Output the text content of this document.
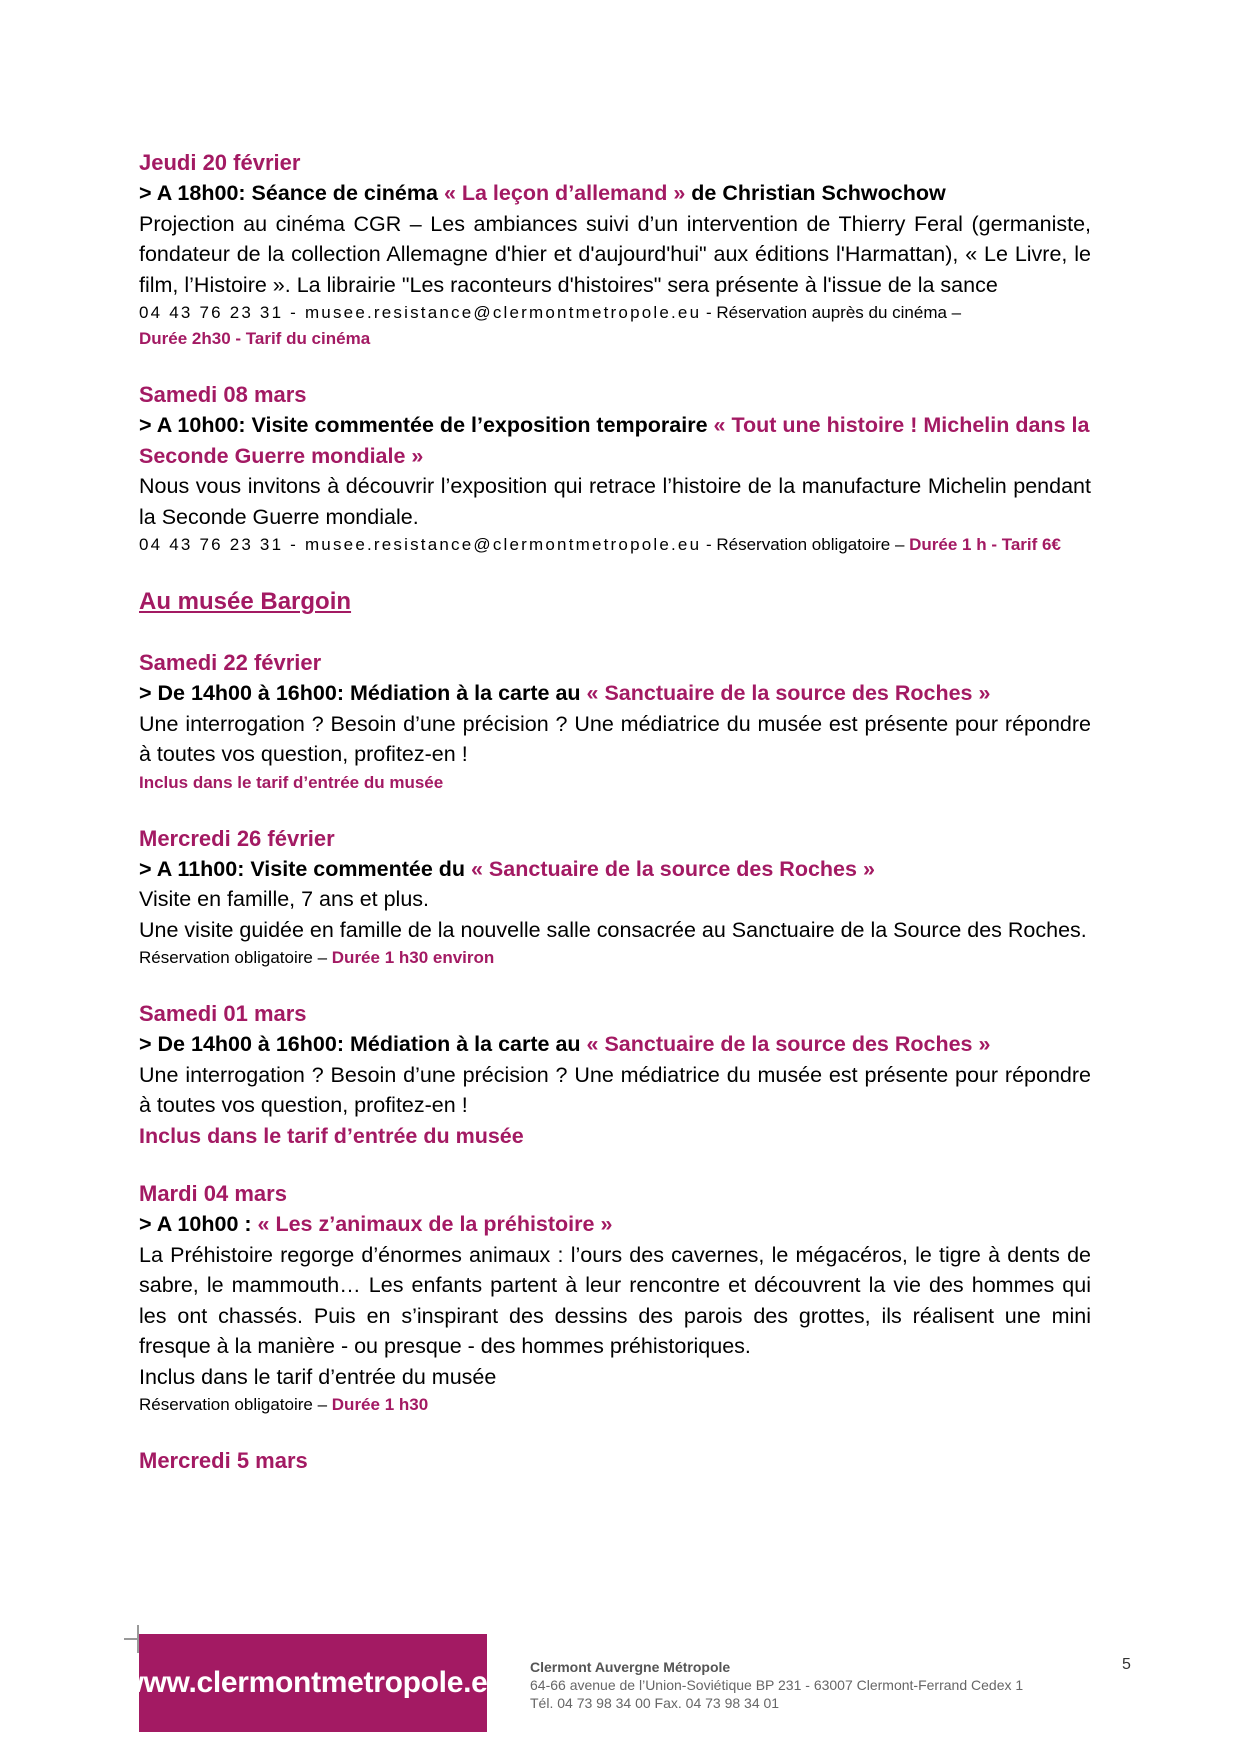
Jeudi 20 février
> A 18h00: Séance de cinéma « La leçon d’allemand » de Christian Schwochow
Projection au cinéma CGR – Les ambiances suivi d’un intervention de Thierry Feral (germaniste, fondateur de la collection Allemagne d'hier et d'aujourd'hui" aux éditions l'Harmattan), « Le Livre, le film, l’Histoire ». La librairie "Les raconteurs d'histoires" sera présente à l'issue de la sance
04 43 76 23 31 - musee.resistance@clermontmetropole.eu - Réservation auprès du cinéma –
Durée 2h30 - Tarif du cinéma
Samedi 08 mars
> A 10h00: Visite commentée de l’exposition temporaire « Tout une histoire ! Michelin dans la Seconde Guerre mondiale »
Nous vous invitons à découvrir l’exposition qui retrace l’histoire de la manufacture Michelin pendant la Seconde Guerre mondiale.
04 43 76 23 31 - musee.resistance@clermontmetropole.eu - Réservation obligatoire – Durée 1 h - Tarif 6€
Au musée Bargoin
Samedi 22 février
> De 14h00 à 16h00: Médiation à la carte au « Sanctuaire de la source des Roches »
Une interrogation ? Besoin d’une précision ? Une médiatrice du musée est présente pour répondre à toutes vos question, profitez-en !
Inclus dans le tarif d’entrée du musée
Mercredi 26 février
> A 11h00: Visite commentée du « Sanctuaire de la source des Roches »
Visite en famille, 7 ans et plus.
Une visite guidée en famille de la nouvelle salle consacrée au Sanctuaire de la Source des Roches.
Réservation obligatoire – Durée 1 h30 environ
Samedi 01 mars
> De 14h00 à 16h00: Médiation à la carte au « Sanctuaire de la source des Roches »
Une interrogation ? Besoin d’une précision ? Une médiatrice du musée est présente pour répondre à toutes vos question, profitez-en !
Inclus dans le tarif d’entrée du musée
Mardi 04 mars
> A 10h00 : « Les z’animaux de la préhistoire »
La Préhistoire regorge d’énormes animaux : l’ours des cavernes, le mégacéros, le tigre à dents de sabre, le mammouth… Les enfants partent à leur rencontre et découvrent la vie des hommes qui les ont chassés. Puis en s’inspirant des dessins des parois des grottes, ils réalisent une mini fresque à la manière - ou presque - des hommes préhistoriques.
Inclus dans le tarif d’entrée du musée
Réservation obligatoire – Durée 1 h30
Mercredi 5 mars
www.clermontmetropole.eu Clermont Auvergne Métropole
64-66 avenue de l’Union-Soviétique BP 231 - 63007 Clermont-Ferrand Cedex 1
Tél. 04 73 98 34 00 Fax. 04 73 98 34 01
5
